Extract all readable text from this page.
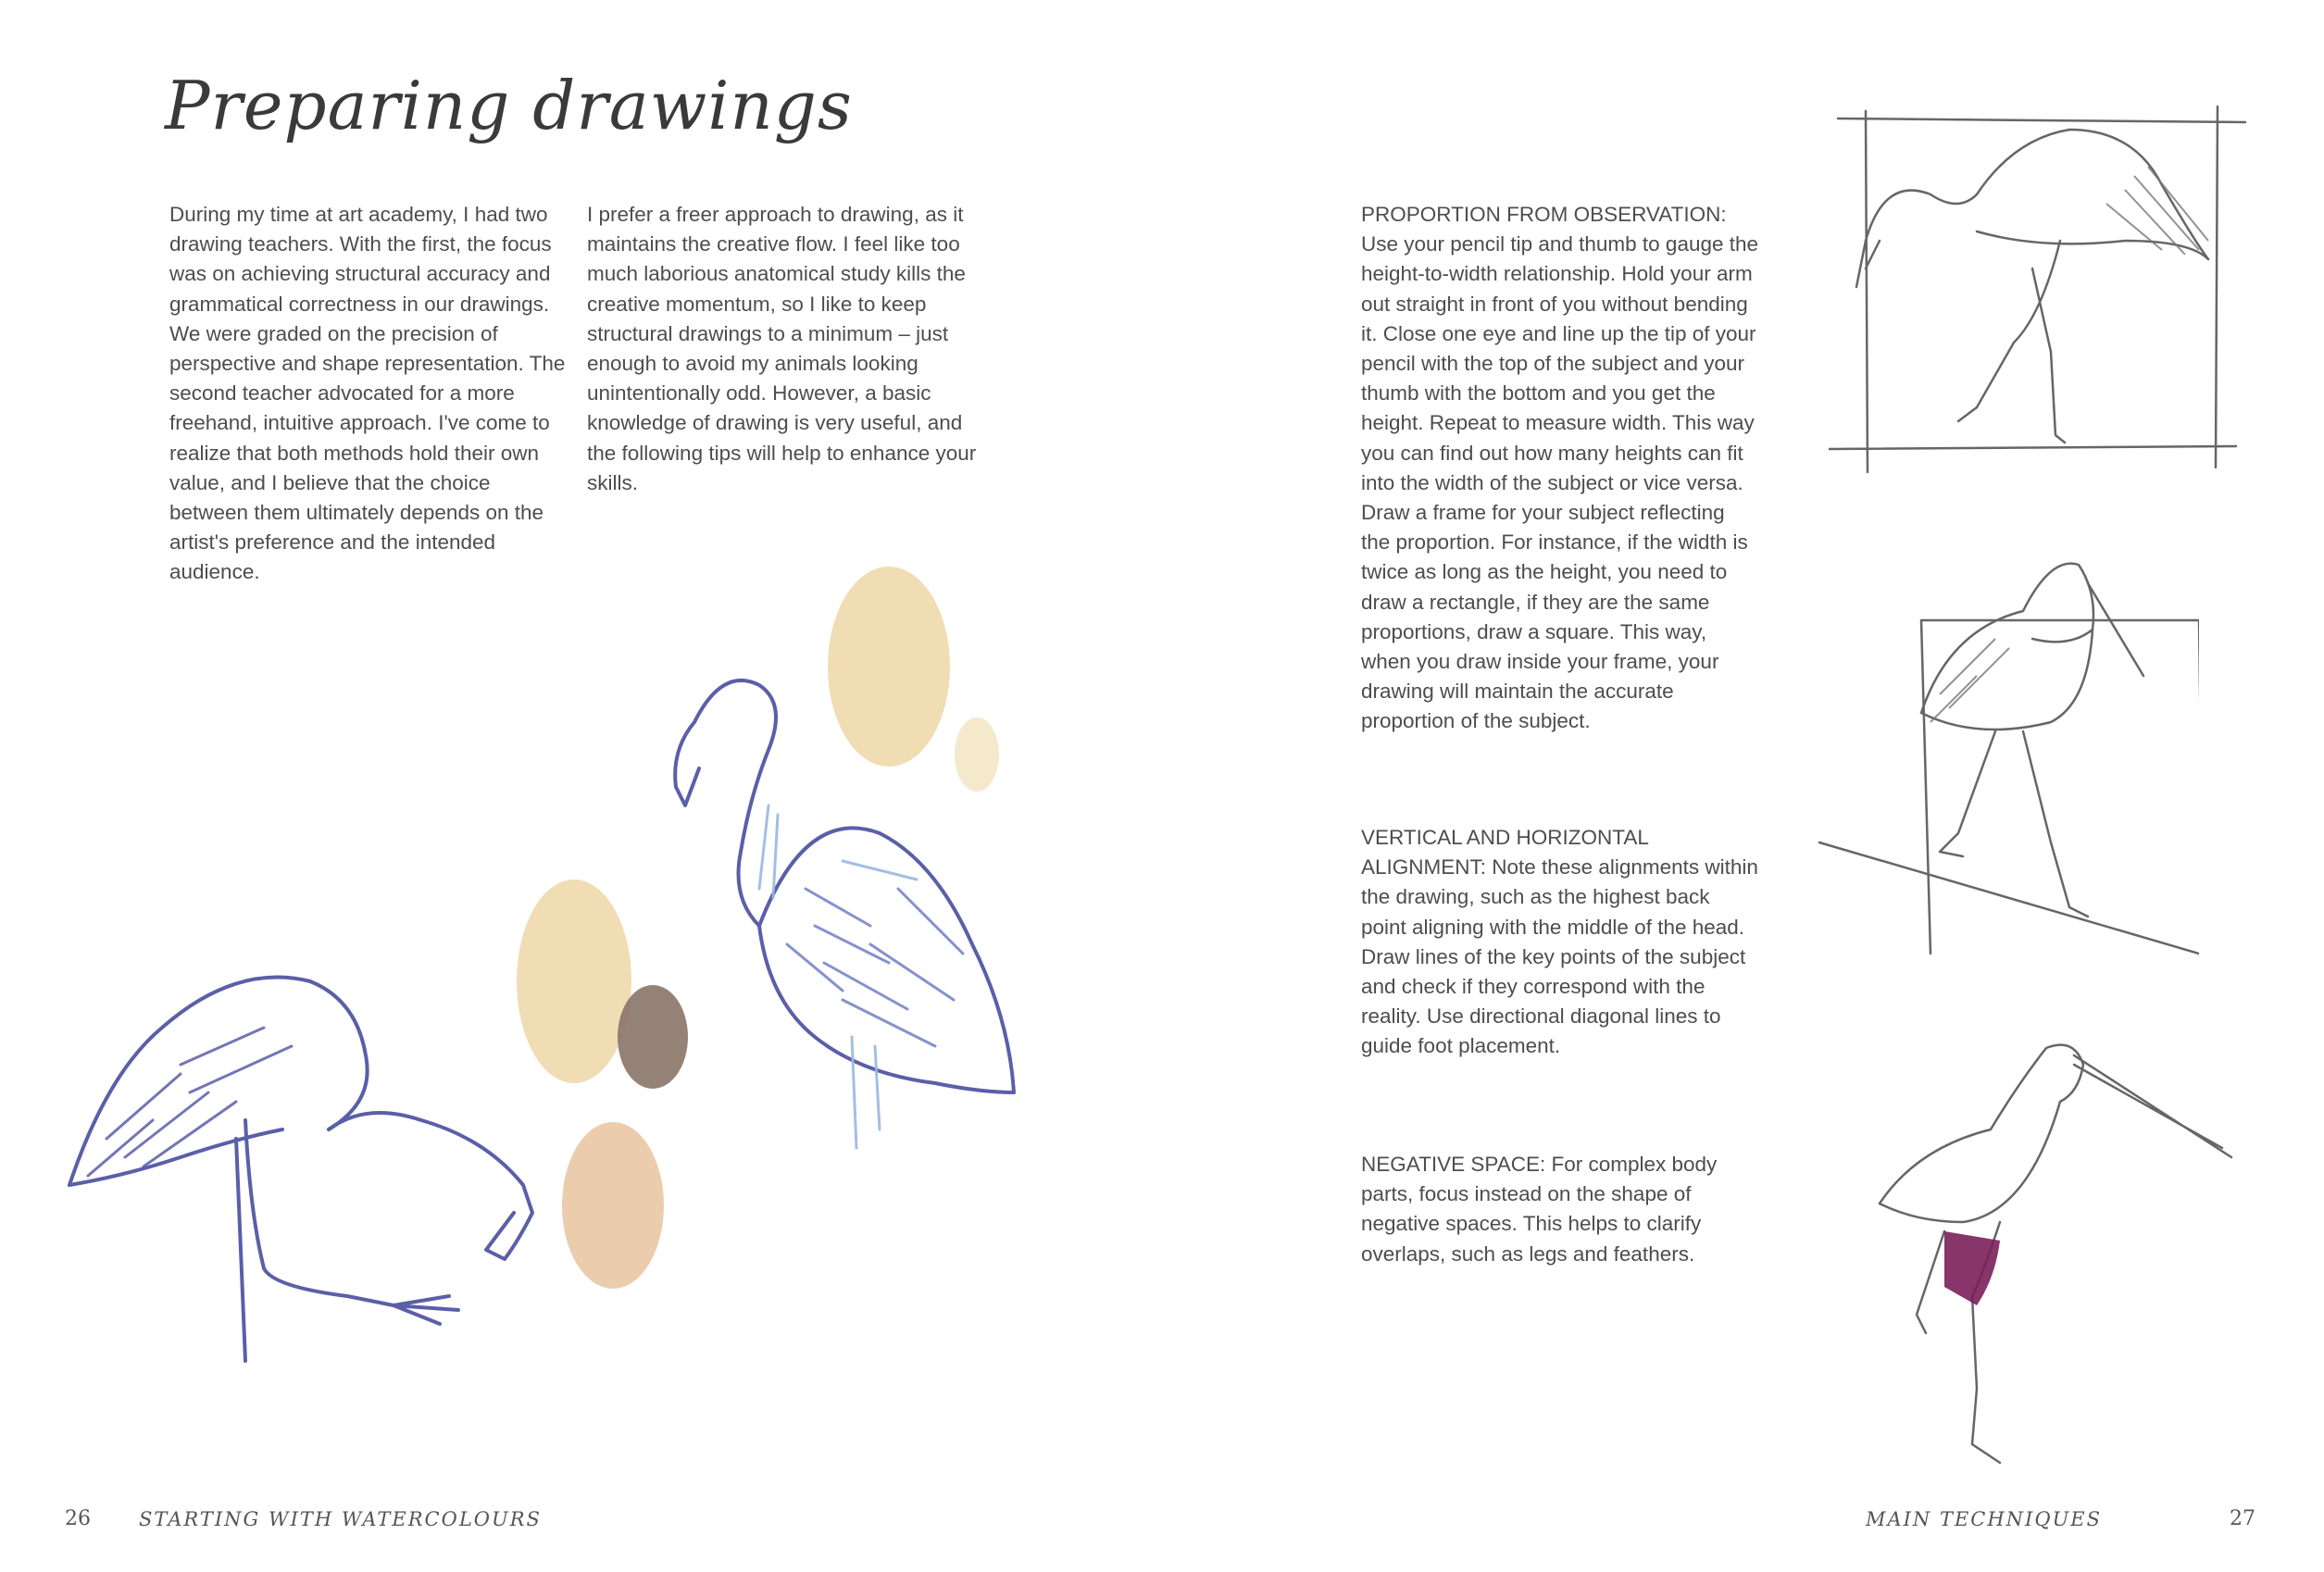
Preparing drawings

During my time at art academy, I had two drawing teachers. With the first, the focus was on achieving structural accuracy and grammatical correctness in our drawings. We were graded on the precision of perspective and shape representation. The second teacher advocated for a more freehand, intuitive approach. I've come to realize that both methods hold their own value, and I believe that the choice between them ultimately depends on the artist's preference and the intended audience.

I prefer a freer approach to drawing, as it maintains the creative flow. I feel like too much laborious anatomical study kills the creative momentum, so I like to keep structural drawings to a minimum – just enough to avoid my animals looking unintentionally odd. However, a basic knowledge of drawing is very useful, and the following tips will help to enhance your skills.

PROPORTION FROM OBSERVATION: Use your pencil tip and thumb to gauge the height-to-width relationship. Hold your arm out straight in front of you without bending it. Close one eye and line up the tip of your pencil with the top of the subject and your thumb with the bottom and you get the height. Repeat to measure width. This way you can find out how many heights can fit into the width of the subject or vice versa. Draw a frame for your subject reflecting the proportion. For instance, if the width is twice as long as the height, you need to draw a rectangle, if they are the same proportions, draw a square. This way, when you draw inside your frame, your drawing will maintain the accurate proportion of the subject.

VERTICAL AND HORIZONTAL ALIGNMENT: Note these alignments within the drawing, such as the highest back point aligning with the middle of the head. Draw lines of the key points of the subject and check if they correspond with the reality. Use directional diagonal lines to guide foot placement.

NEGATIVE SPACE: For complex body parts, focus instead on the shape of negative spaces. This helps to clarify overlaps, such as legs and feathers.

26 STARTING WITH WATERCOLOURS	MAIN TECHNIQUES	27
